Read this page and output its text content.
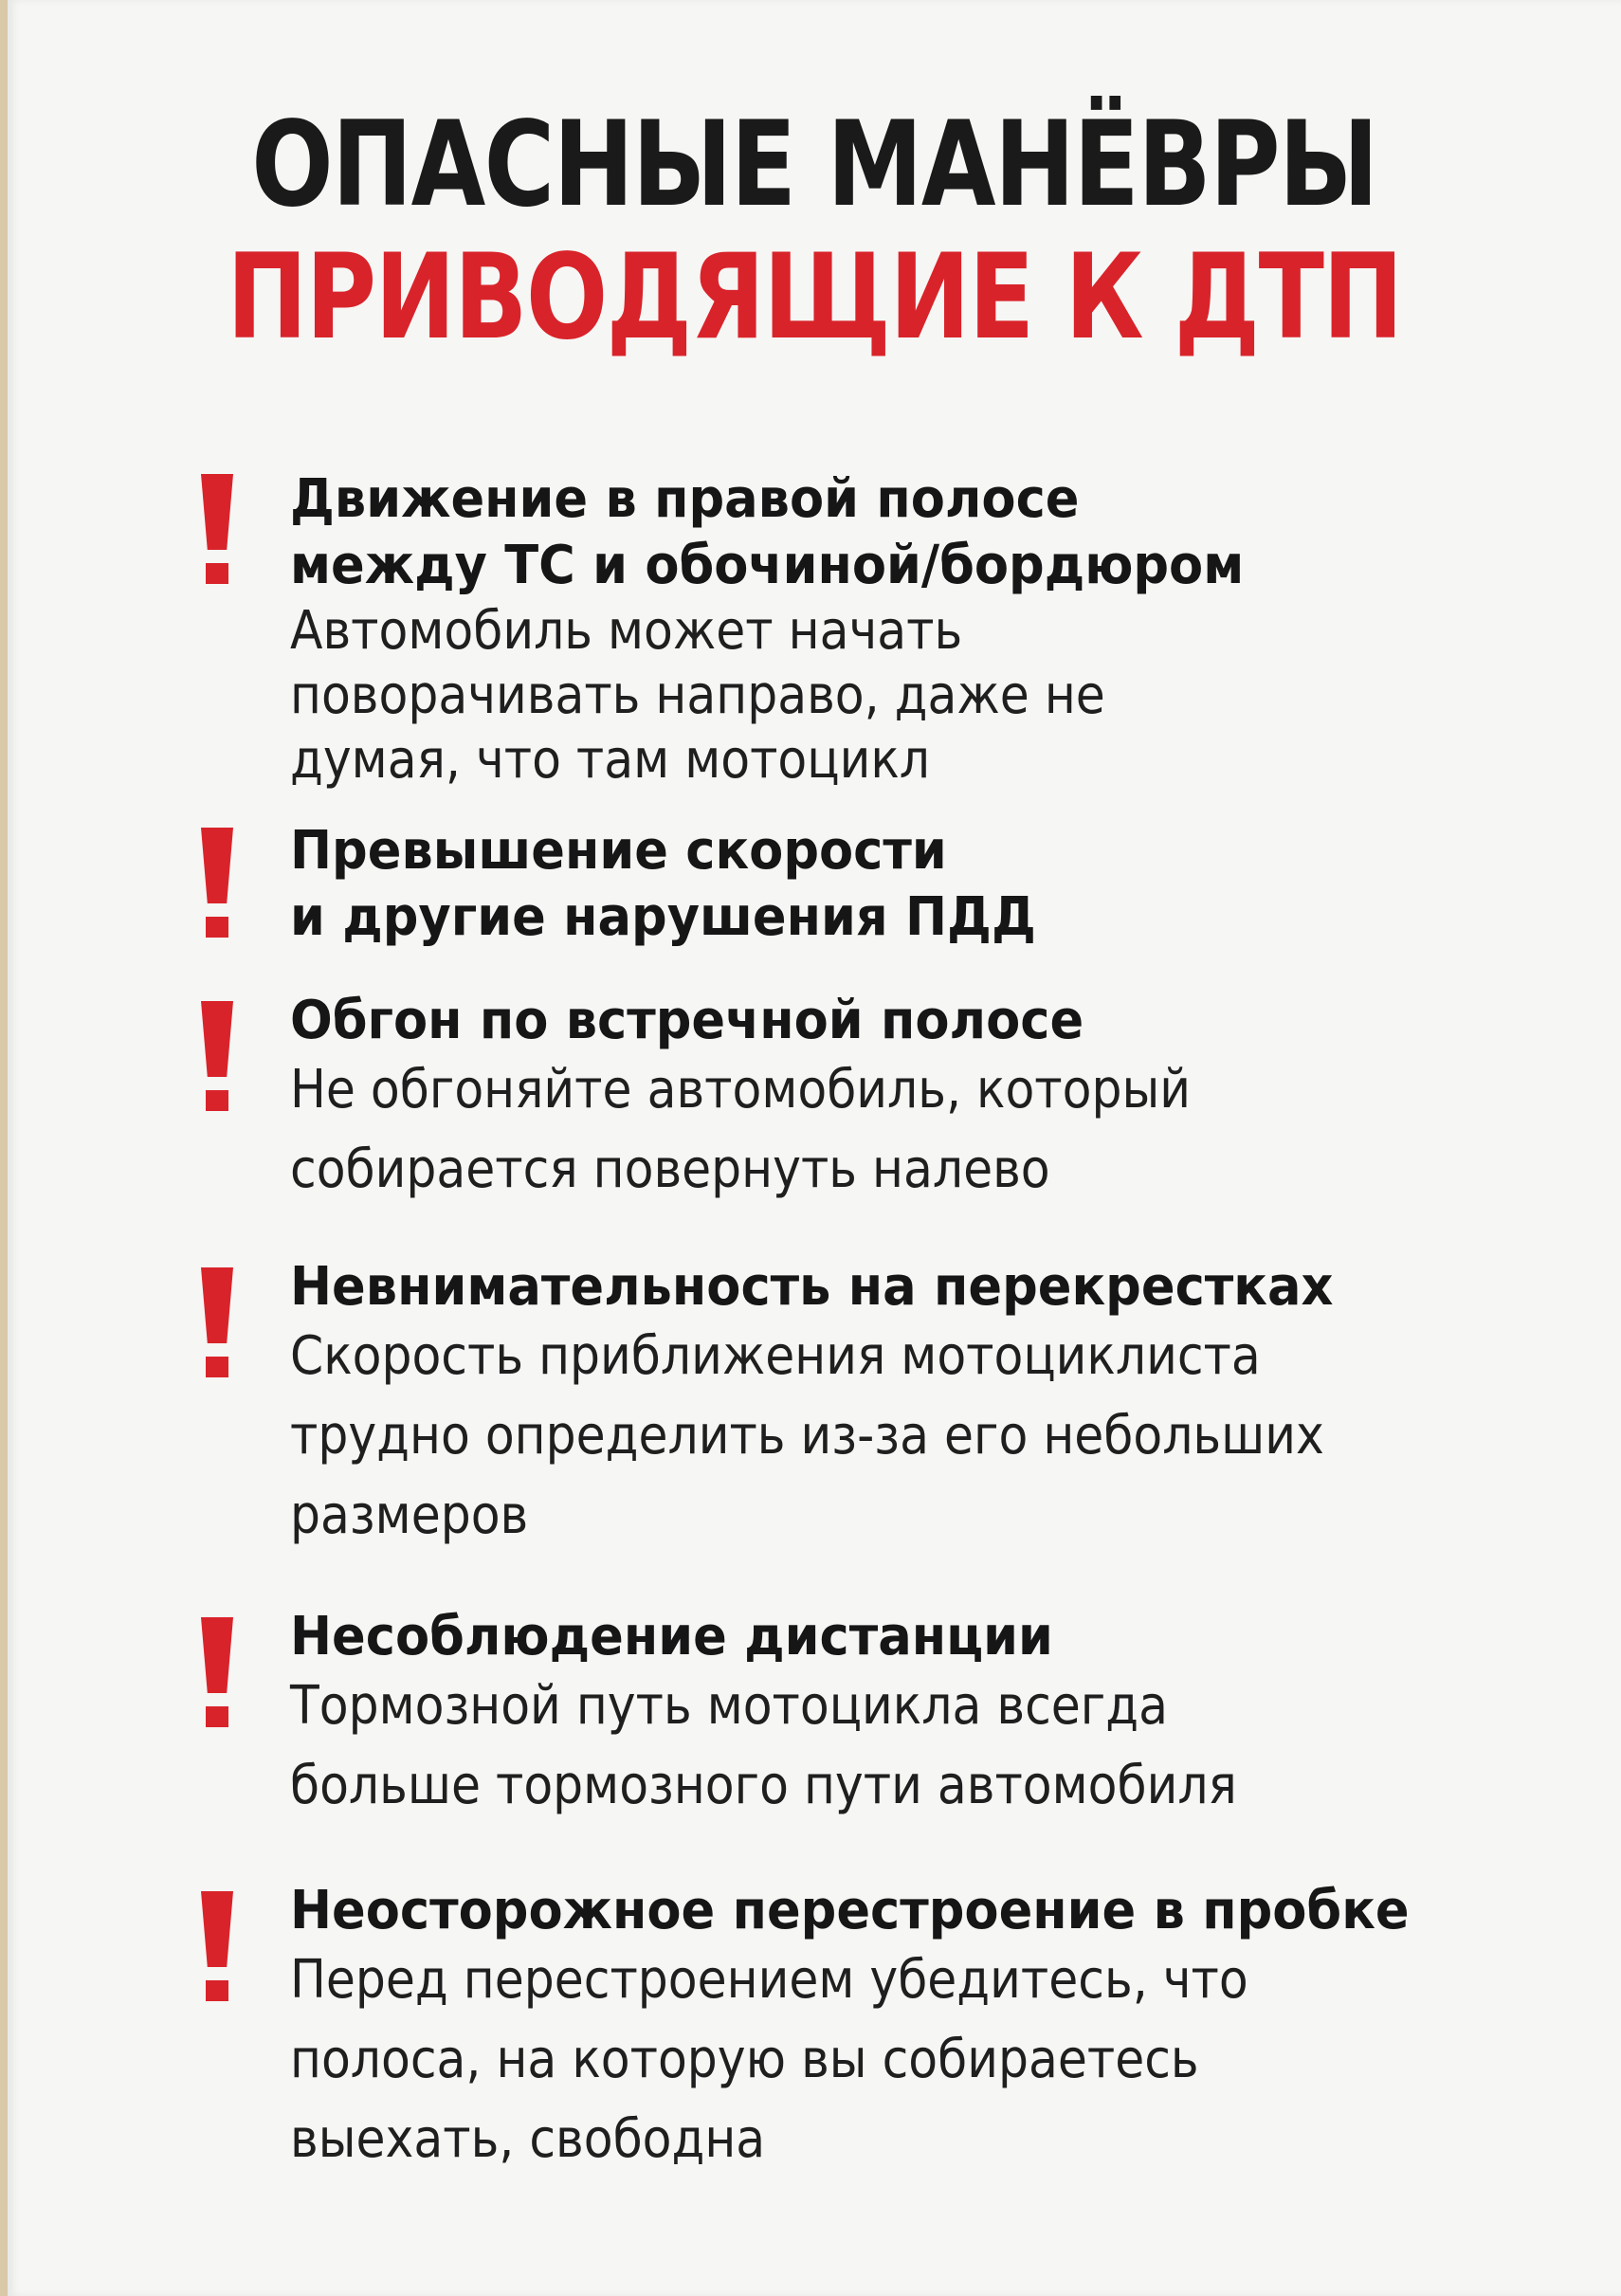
ОПАСНЫЕ МАНЁВРЫ
ПРИВОДЯЩИЕ К ДТП
Движение в правой полосе
между ТС и обочиной/бордюром
Автомобиль может начать
поворачивать направо, даже не
думая, что там мотоцикл
Превышение скорости
и другие нарушения ПДД
Обгон по встречной полосе
Не обгоняйте автомобиль, который
собирается повернуть налево
Невнимательность на перекрестках
Скорость приближения мотоциклиста
трудно определить из-за его небольших
размеров
Несоблюдение дистанции
Тормозной путь мотоцикла всегда
больше тормозного пути автомобиля
Неосторожное перестроение в пробке
Перед перестроением убедитесь, что
полоса, на которую вы собираетесь
выехать, свободна
